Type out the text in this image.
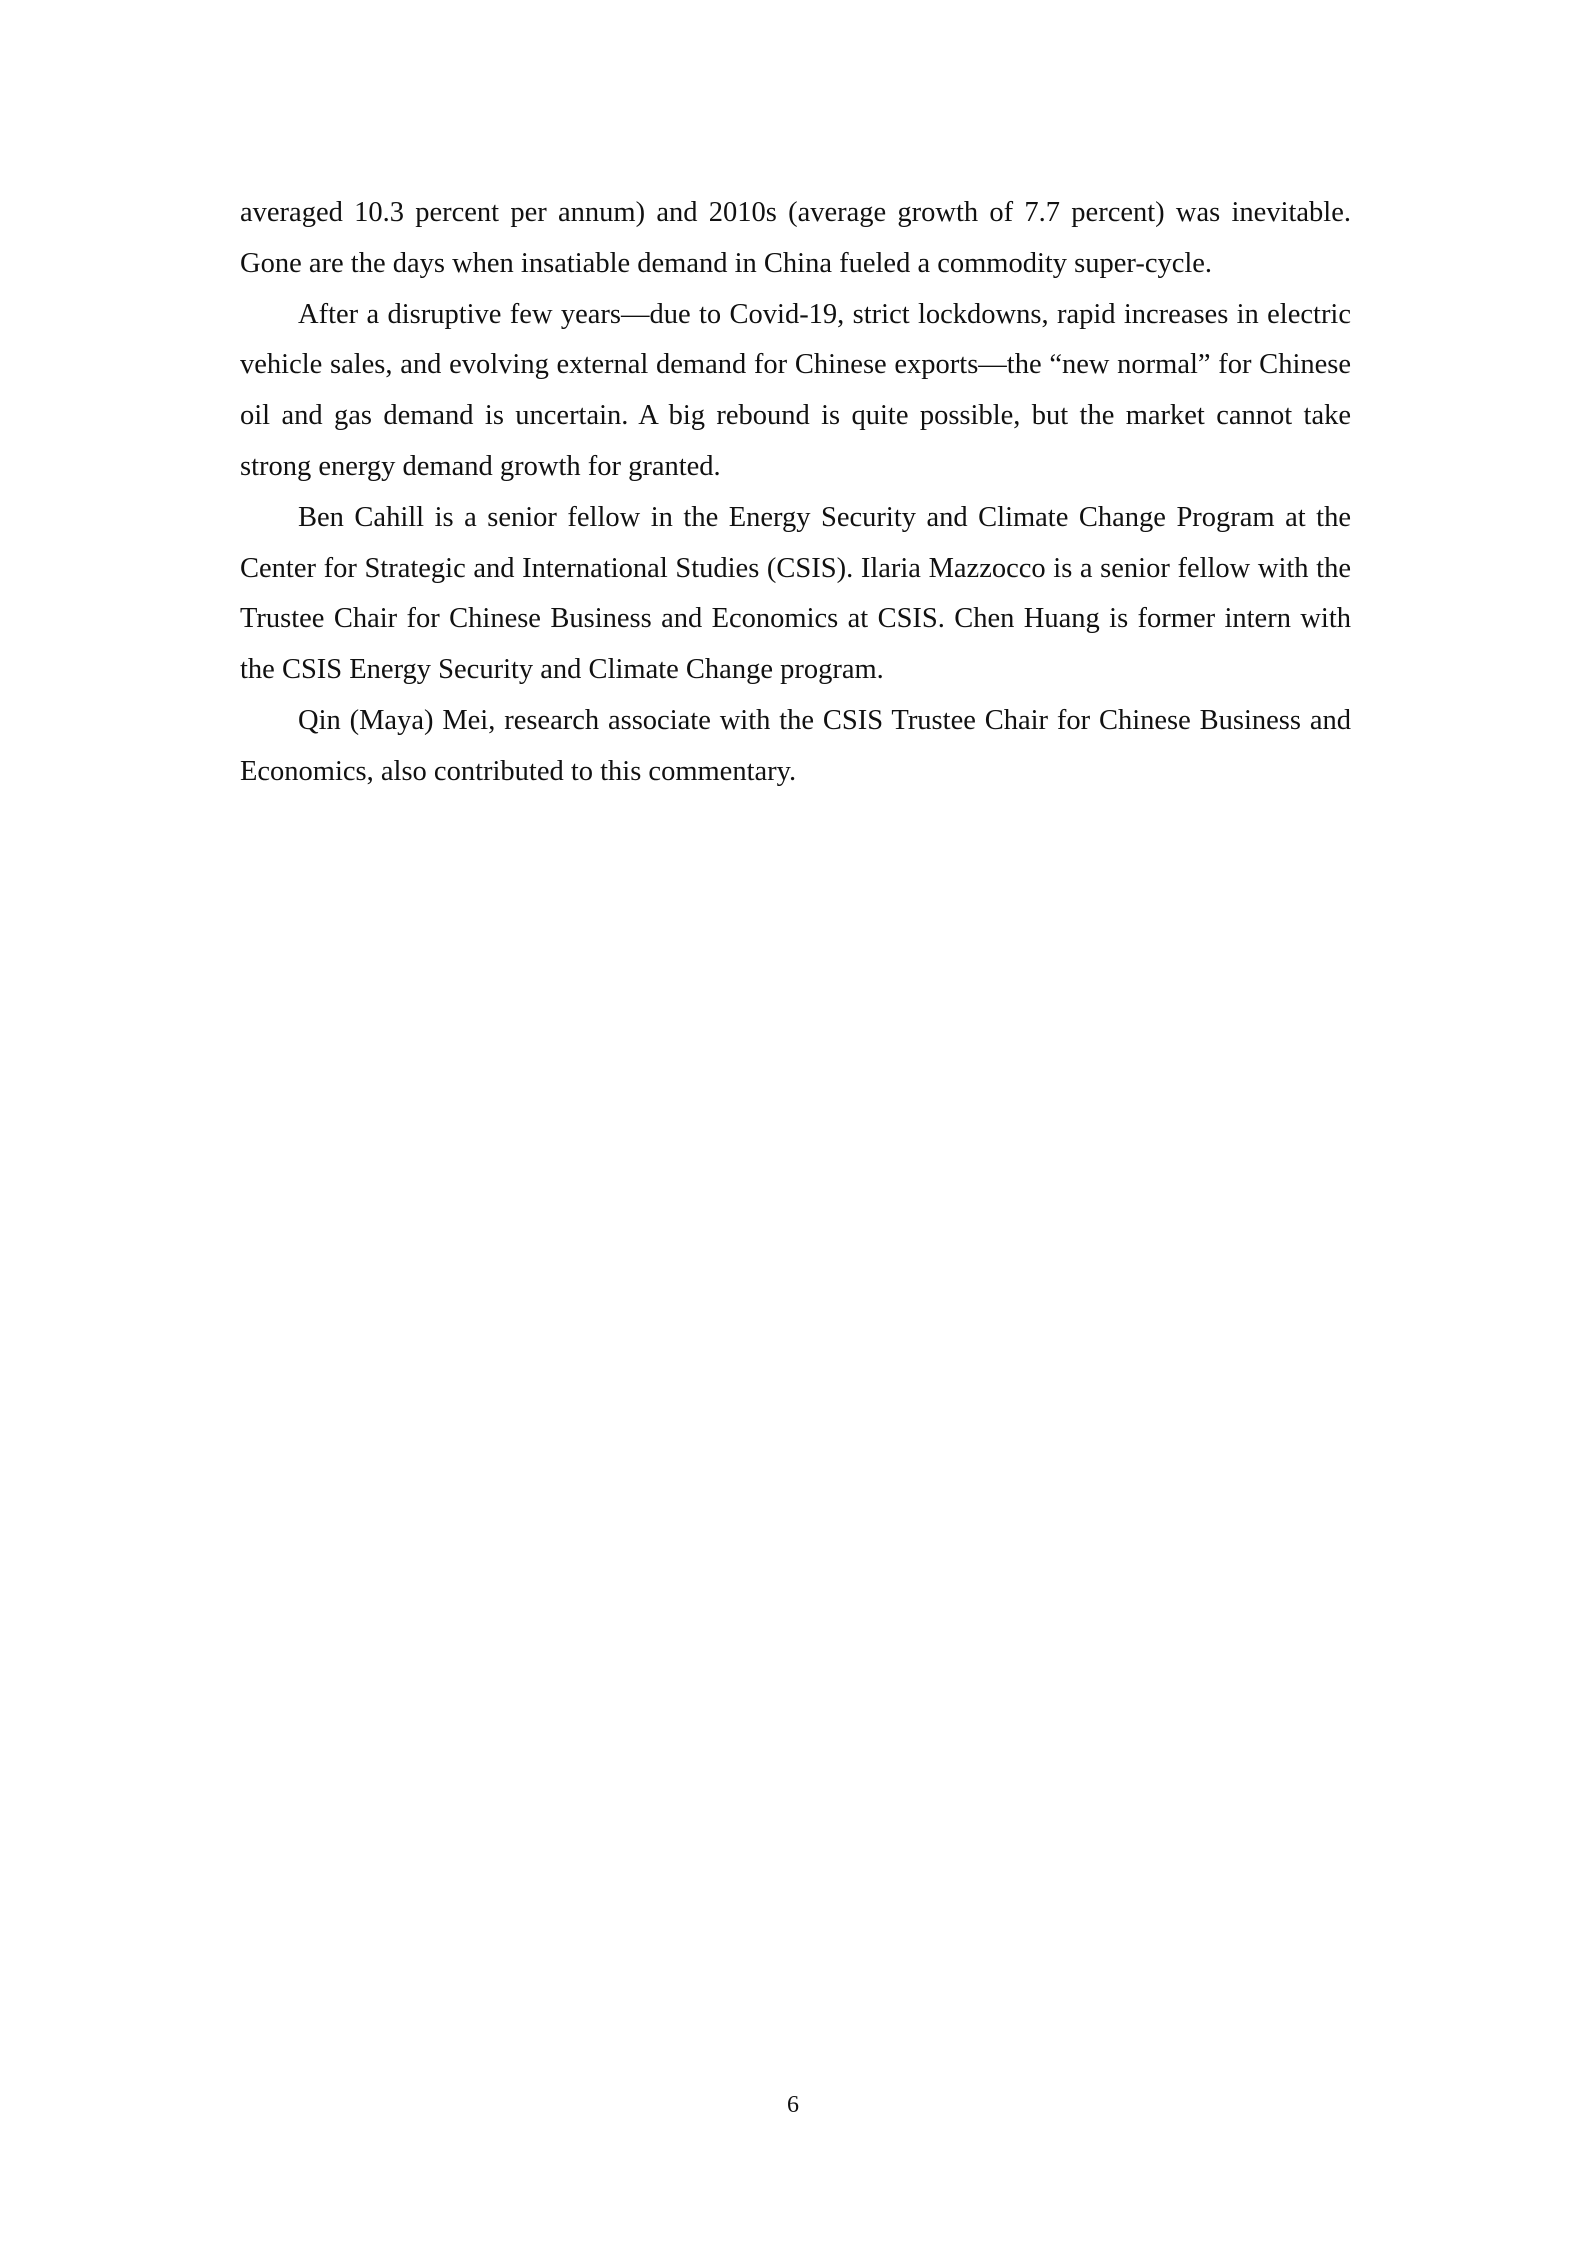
averaged 10.3 percent per annum) and 2010s (average growth of 7.7 percent) was inevitable. Gone are the days when insatiable demand in China fueled a commodity super-cycle.

After a disruptive few years—due to Covid-19, strict lockdowns, rapid increases in electric vehicle sales, and evolving external demand for Chinese exports—the “new normal” for Chinese oil and gas demand is uncertain. A big rebound is quite possible, but the market cannot take strong energy demand growth for granted.

Ben Cahill is a senior fellow in the Energy Security and Climate Change Program at the Center for Strategic and International Studies (CSIS). Ilaria Mazzocco is a senior fellow with the Trustee Chair for Chinese Business and Economics at CSIS. Chen Huang is former intern with the CSIS Energy Security and Climate Change program.

Qin (Maya) Mei, research associate with the CSIS Trustee Chair for Chinese Business and Economics, also contributed to this commentary.

6
